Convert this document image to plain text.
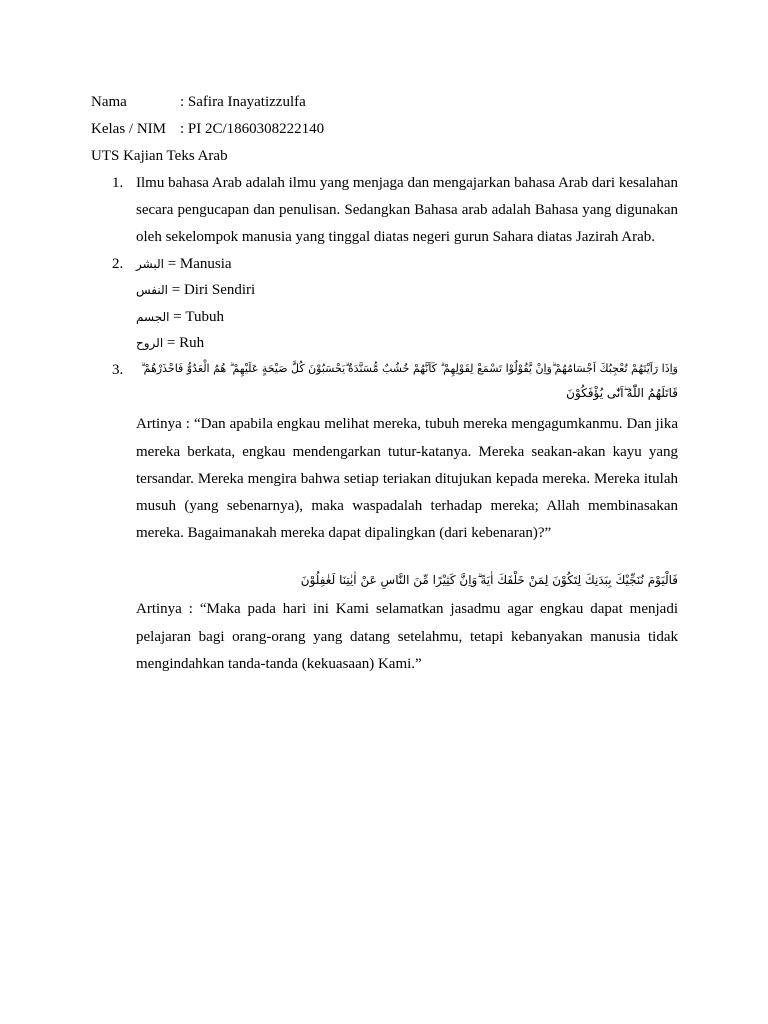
Nama	: Safira Inayatizzulfa
Kelas / NIM : PI 2C/1860308222140
UTS Kajian Teks Arab
1. Ilmu bahasa Arab adalah ilmu yang menjaga dan mengajarkan bahasa Arab dari kesalahan
secara pengucapan dan penulisan. Sedangkan Bahasa arab adalah Bahasa yang digunakan
oleh sekelompok manusia yang tinggal diatas negeri gurun Sahara diatas Jazirah Arab.
2. البشر = Manusia
النفس = Diri Sendiri
الجسم = Tubuh
الروح = Ruh
3. وَاِذَا رَاَيْتَهُمْ تُعْجِبُكَ اَجْسَامُهُمْ ۗوَاِنْ يَّقُوْلُوْا تَسْمَعْ لِقَوْلِهِمْ ۗ كَاَنَّهُمْ خُشُبٌ مُّسَنَّدَةٌ ۗيَحْسَبُوْنَ كُلَّ صَيْحَةٍ عَلَيْهِمْ ۗ هُمُ الْعَدُوُّ فَاحْذَرْهُمْ ۗ
قَاتَلَهُمُ اللّٰهُ ۖاَنّٰى يُؤْفَكُوْنَ
Artinya : “Dan apabila engkau melihat mereka, tubuh mereka mengagumkanmu. Dan jika
mereka berkata, engkau mendengarkan tutur-katanya. Mereka seakan-akan kayu yang
tersandar. Mereka mengira bahwa setiap teriakan ditujukan kepada mereka. Mereka itulah
musuh (yang sebenarnya), maka waspadalah terhadap mereka; Allah membinasakan
mereka. Bagaimanakah mereka dapat dipalingkan (dari kebenaran)?”
فَالْيَوْمَ نُنَجِّيْكَ بِبَدَنِكَ لِتَكُوْنَ لِمَنْ خَلْفَكَ اٰيَةً ۗوَاِنَّ كَثِيْرًا مِّنَ النَّاسِ عَنْ اٰيٰتِنَا لَغٰفِلُوْنَ
Artinya : “Maka pada hari ini Kami selamatkan jasadmu agar engkau dapat menjadi
pelajaran bagi orang-orang yang datang setelahmu, tetapi kebanyakan manusia tidak
mengindahkan tanda-tanda (kekuasaan) Kami.”
